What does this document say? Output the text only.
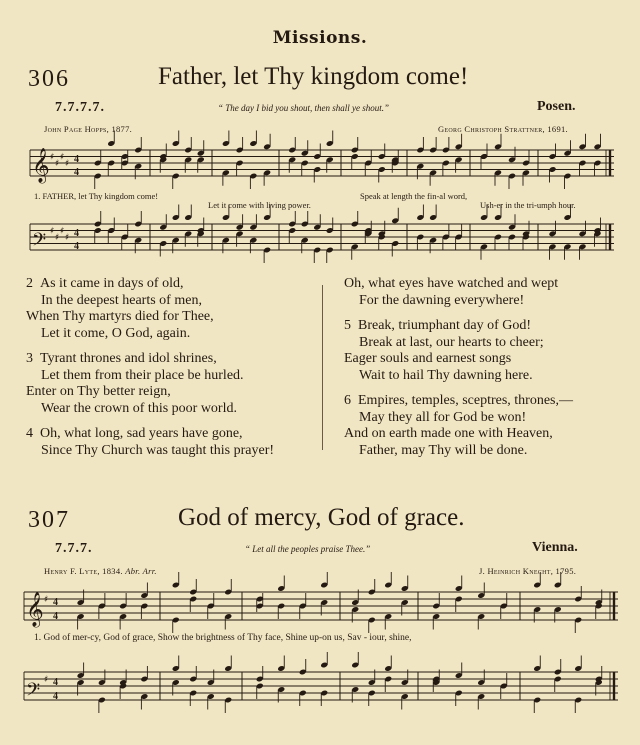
Missions.
306	Father, let Thy kingdom come!
7.7.7.7.	“ The day I bid you shout, then shall ye shout.”	Posen.
John Page Hopps, 1877.	Georg Christoph Strattner, 1691.
𝄞 ♯
♯
♯
♯ 4
4
𝄢 ♯
♯
♯
♯ 4
4
𝄞 ♯ 4
4
𝄢 ♯ 4
4
1. FATHER, let Thy kingdom come!
Let it come with living power.
Speak at length the fin-al word,
Ush-er in the tri-umph hour.
2 As it came in days of old,
In the deepest hearts of men,
When Thy martyrs died for Thee,
Let it come, O God, again.
3 Tyrant thrones and idol shrines,
Let them from their place be hurled.
Enter on Thy better reign,
Wear the crown of this poor world.
4 Oh, what long, sad years have gone,
Since Thy Church was taught this prayer!
Oh, what eyes have watched and wept
For the dawning everywhere!
5 Break, triumphant day of God!
Break at last, our hearts to cheer;
Eager souls and earnest songs
Wait to hail Thy dawning here.
6 Empires, temples, sceptres, thrones,—
May they all for God be won!
And on earth made one with Heaven,
Father, may Thy will be done.
307	God of mercy, God of grace.
7.7.7.	“ Let all the peoples praise Thee.”	Vienna.
Henry F. Lyte, 1834. Abr. Arr.	J. Heinrich Knecht, 1795.
1. God of mer-cy, God of grace, Show the brightness of Thy face, Shine up-on us, Sav - iour, shine,
